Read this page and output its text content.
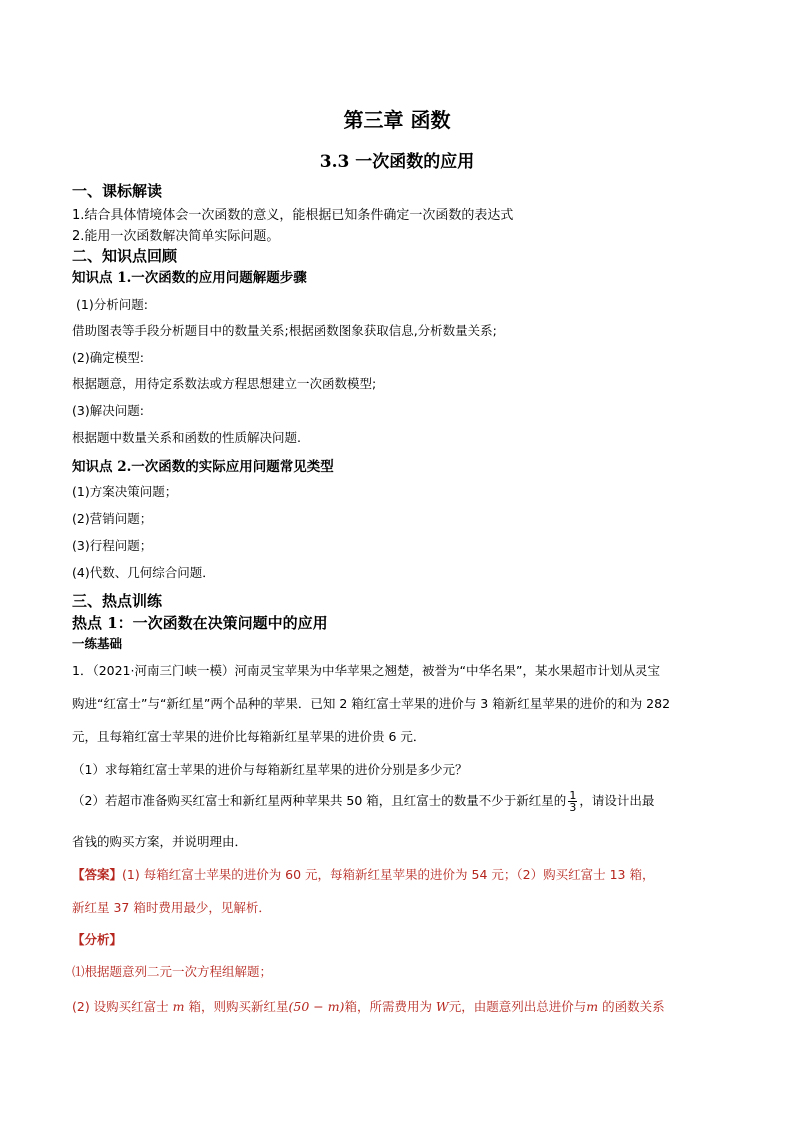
第三章 函数
3.3 一次函数的应用
一、课标解读
1.结合具体情境体会一次函数的意义，能根据已知条件确定一次函数的表达式
2.能用一次函数解决简单实际问题。
二、知识点回顾
知识点 1.一次函数的应用问题解题步骤
(1)分析问题:
借助图表等手段分析题目中的数量关系;根据函数图象获取信息,分析数量关系;
(2)确定模型:
根据题意，用待定系数法或方程思想建立一次函数模型;
(3)解决问题:
根据题中数量关系和函数的性质解决问题.
知识点 2.一次函数的实际应用问题常见类型
(1)方案决策问题；
(2)营销问题；
(3)行程问题；
(4)代数、几何综合问题．
三、热点训练
热点 1：一次函数在决策问题中的应用
一练基础
1．（2021·河南三门峡一模）河南灵宝苹果为中华苹果之翘楚，被誉为“中华名果”，某水果超市计划从灵宝
购进“红富士”与“新红星”两个品种的苹果．已知 2 箱红富士苹果的进价与 3 箱新红星苹果的进价的和为 282
元，且每箱红富士苹果的进价比每箱新红星苹果的进价贵 6 元．
（1）求每箱红富士苹果的进价与每箱新红星苹果的进价分别是多少元？
（2）若超市准备购买红富士和新红星两种苹果共 50 箱，且红富士的数量不少于新红星的 $\frac{1}{3}$ ，请设计出最
省钱的购买方案，并说明理由．
【答案】(1) 每箱红富士苹果的进价为 60 元，每箱新红星苹果的进价为 54 元；（2）购买红富士 13 箱，
新红星 37 箱时费用最少，见解析．
【分析】
⑴根据题意列二元一次方程组解题；
(2) 设购买红富士 m 箱，则购买新红星(50 − m)箱，所需费用为 W元，由题意列出总进价与m 的函数关系
